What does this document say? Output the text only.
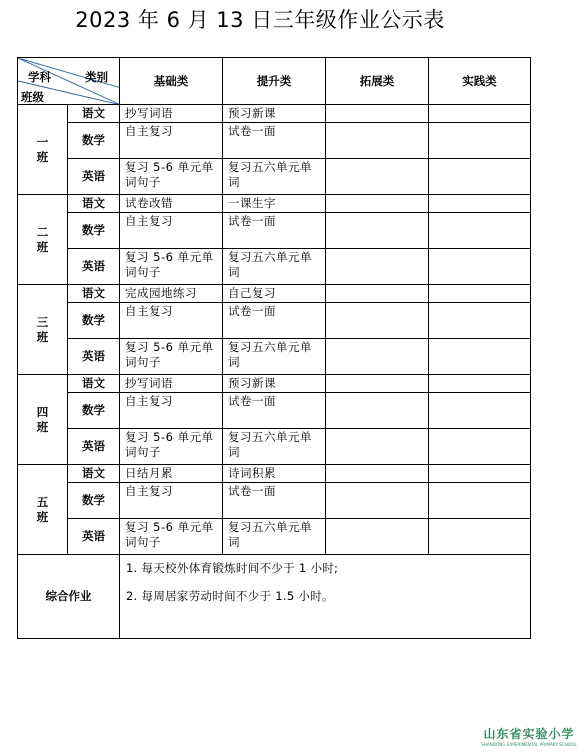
2023 年 6 月 13 日三年级作业公示表
学科 类别
班级		基础类	提升类	拓展类	实践类
一
班	语文	抄写词语	预习新课		
	数学	自主复习	试卷一面		
	英语	复习 5-6 单元单词句子	复习五六单元单词		
二
班	语文	试卷改错	一课生字		
	数学	自主复习	试卷一面		
	英语	复习 5-6 单元单词句子	复习五六单元单词		
三
班	语文	完成园地练习	自己复习		
	数学	自主复习	试卷一面		
	英语	复习 5-6 单元单词句子	复习五六单元单词		
四
班	语文	抄写词语	预习新课		
	数学	自主复习	试卷一面		
	英语	复习 5-6 单元单词句子	复习五六单元单词		
五
班	语文	日结月累	诗词积累		
	数学	自主复习	试卷一面		
	英语	复习 5-6 单元单词句子	复习五六单元单词		
综合作业		1. 每天校外体育锻炼时间不少于 1 小时;
2. 每周居家劳动时间不少于 1.5 小时。			
山东省实验小学
SHANDONG EXPERIMENTAL PRIMARY SCHOOL
